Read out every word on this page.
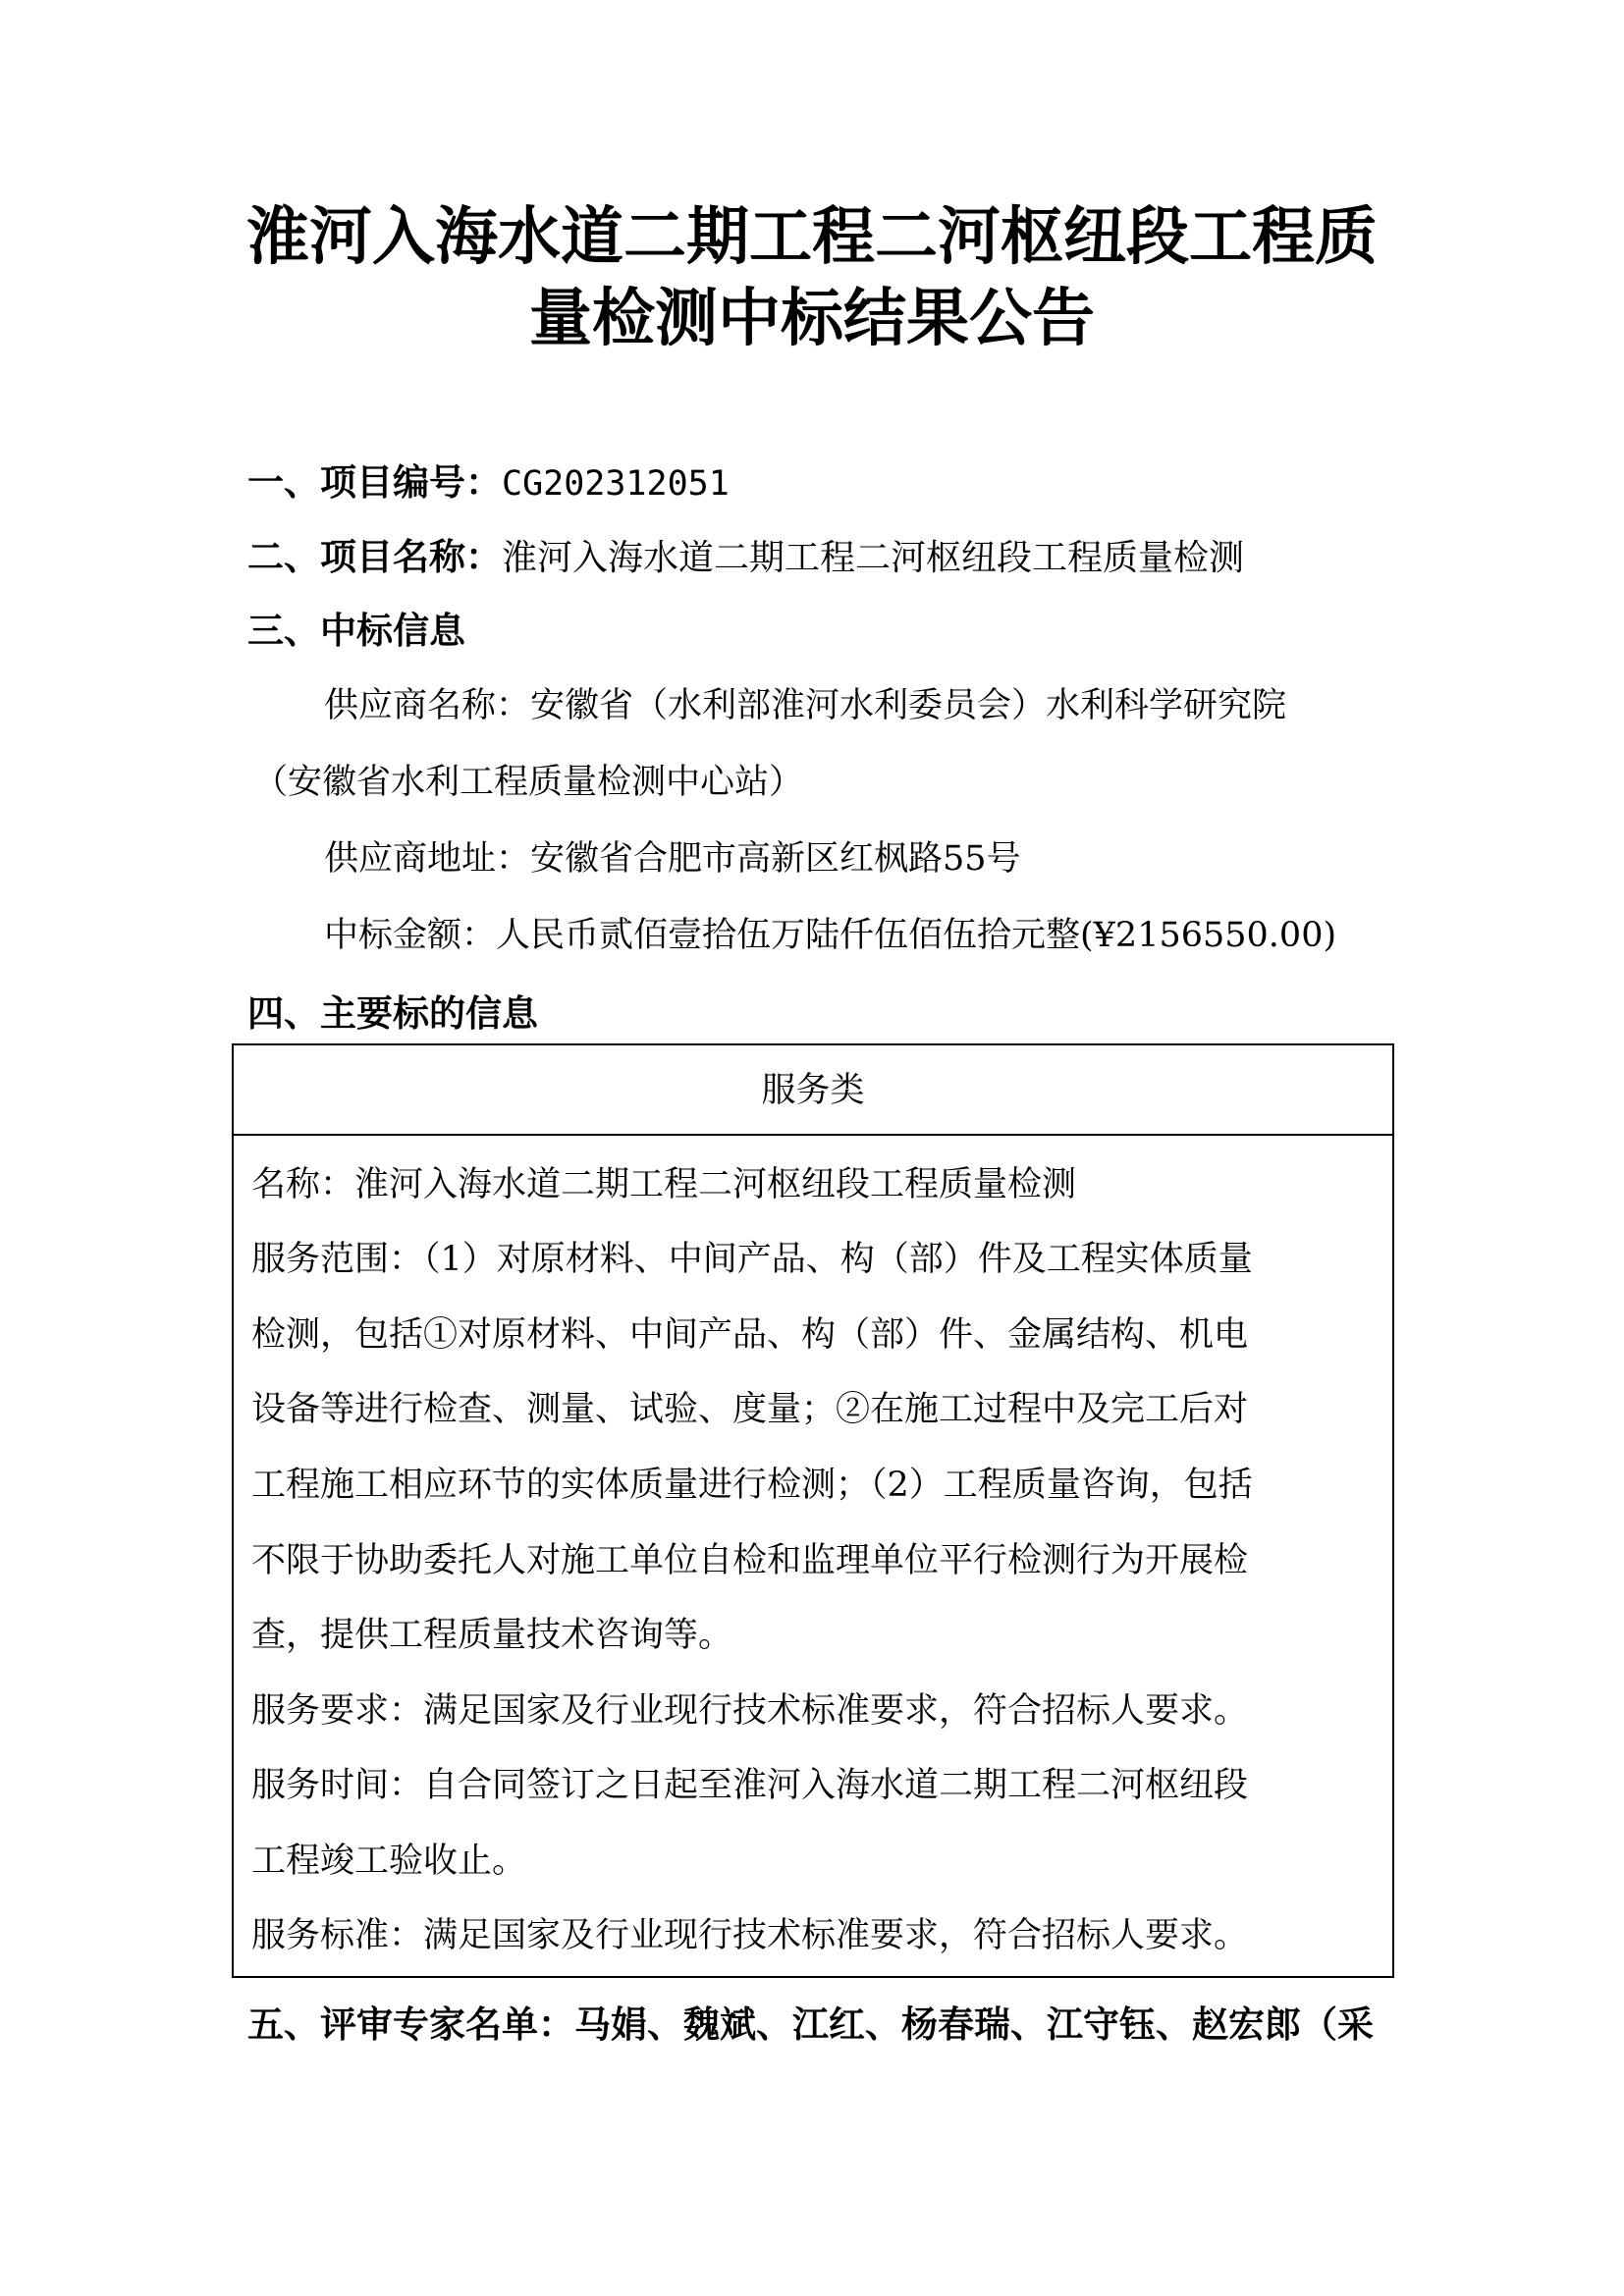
淮河入海水道二期工程二河枢纽段工程质
量检测中标结果公告
一、项目编号：CG202312051
二、项目名称：淮河入海水道二期工程二河枢纽段工程质量检测
三、中标信息
供应商名称：安徽省（水利部淮河水利委员会）水利科学研究院
（安徽省水利工程质量检测中心站）
供应商地址：安徽省合肥市高新区红枫路55号
中标金额：人民币贰佰壹拾伍万陆仟伍佰伍拾元整(¥2156550.00)
四、主要标的信息
服务类
名称：淮河入海水道二期工程二河枢纽段工程质量检测
服务范围：（1）对原材料、中间产品、构（部）件及工程实体质量
检测，包括①对原材料、中间产品、构（部）件、金属结构、机电
设备等进行检查、测量、试验、度量；②在施工过程中及完工后对
工程施工相应环节的实体质量进行检测；（2）工程质量咨询，包括
不限于协助委托人对施工单位自检和监理单位平行检测行为开展检
查，提供工程质量技术咨询等。
服务要求：满足国家及行业现行技术标准要求，符合招标人要求。
服务时间：自合同签订之日起至淮河入海水道二期工程二河枢纽段
工程竣工验收止。
服务标准：满足国家及行业现行技术标准要求，符合招标人要求。
五、评审专家名单：马娟、魏斌、江红、杨春瑞、江守钰、赵宏郎（采
